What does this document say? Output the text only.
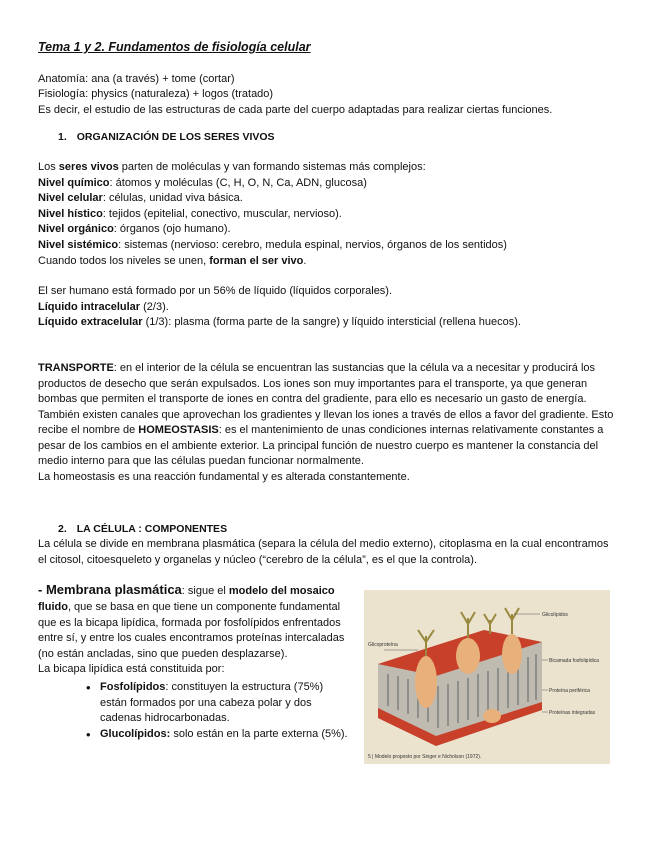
Tema 1 y 2. Fundamentos de fisiología celular

Anatomía: ana (a través) + tome (cortar)

Fisiología: physics (naturaleza) + logos (tratado)

Es decir, el estudio de las estructuras de cada parte del cuerpo adaptadas para realizar ciertas funciones.

1. ORGANIZACIÓN DE LOS SERES VIVOS

Los seres vivos parten de moléculas y van formando sistemas más complejos:

Nivel químico: átomos y moléculas (C, H, O, N, Ca, ADN, glucosa)

Nivel celular: células, unidad viva básica.

Nivel hístico: tejidos (epitelial, conectivo, muscular, nervioso).

Nivel orgánico: órganos (ojo humano).

Nivel sistémico: sistemas (nervioso: cerebro, medula espinal, nervios, órganos de los sentidos)

Cuando todos los niveles se unen, forman el ser vivo.

El ser humano está formado por un 56% de líquido (líquidos corporales).

Líquido intracelular (2/3).

Líquido extracelular (1/3): plasma (forma parte de la sangre) y líquido intersticial (rellena huecos).

TRANSPORTE: en el interior de la célula se encuentran las sustancias que la célula va a necesitar y producirá los productos de desecho que serán expulsados. Los iones son muy importantes para el transporte, ya que generan bombas que permiten el transporte de iones en contra del gradiente, para ello es necesario un gasto de energía.

También existen canales que aprovechan los gradientes y llevan los iones a través de ellos a favor del gradiente. Esto recibe el nombre de HOMEOSTASIS: es el mantenimiento de unas condiciones internas relativamente constantes a pesar de los cambios en el ambiente exterior. La principal función de nuestro cuerpo es mantener la constancia del medio interno para que las células puedan funcionar normalmente.

La homeostasis es una reacción fundamental y es alterada constantemente.

2. LA CÉLULA : COMPONENTES

La célula se divide en membrana plasmática (separa la célula del medio externo), citoplasma en la cual encontramos el citosol, citoesqueleto y organelas y núcleo (“cerebro de la célula”, es el que la controla).

- Membrana plasmática: sigue el modelo del mosaico fluido, que se basa en que tiene un componente fundamental que es la bicapa lipídica, formada por fosfolípidos enfrentados entre sí, y entre los cuales encontramos proteínas intercaladas (no están ancladas, sino que pueden desplazarse).

La bicapa lipídica está constituida por:

• Fosfolípidos: constituyen la estructura (75%) están formados por una cabeza polar y dos cadenas hidrocarbonadas.
• Glucolípidos: solo están en la parte externa (5%).
Glicolípidos
Glicoproteína
Bicamada fosfolipídica
Proteína periférica
Proteínas integradas
5 | Modelo proposto por Singer e Nicholson (1972).
